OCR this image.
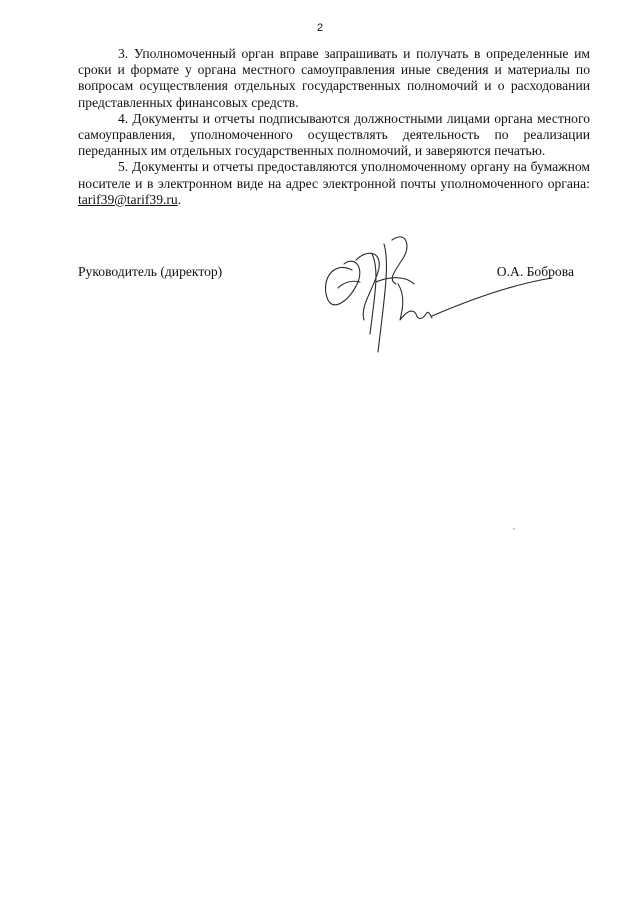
2

3. Уполномоченный орган вправе запрашивать и получать в определенные им сроки и формате у органа местного самоуправления иные сведения и материалы по вопросам осуществления отдельных государственных полномочий и о расходовании представленных финансовых средств.

4. Документы и отчеты подписываются должностными лицами органа местного самоуправления, уполномоченного осуществлять деятельность по реализации переданных им отдельных государственных полномочий, и заверяются печатью.

5. Документы и отчеты предоставляются уполномоченному органу на бумажном носителе и в электронном виде на адрес электронной почты уполномоченного органа: tarif39@tarif39.ru.

Руководитель (директор)	О.А. Боброва
